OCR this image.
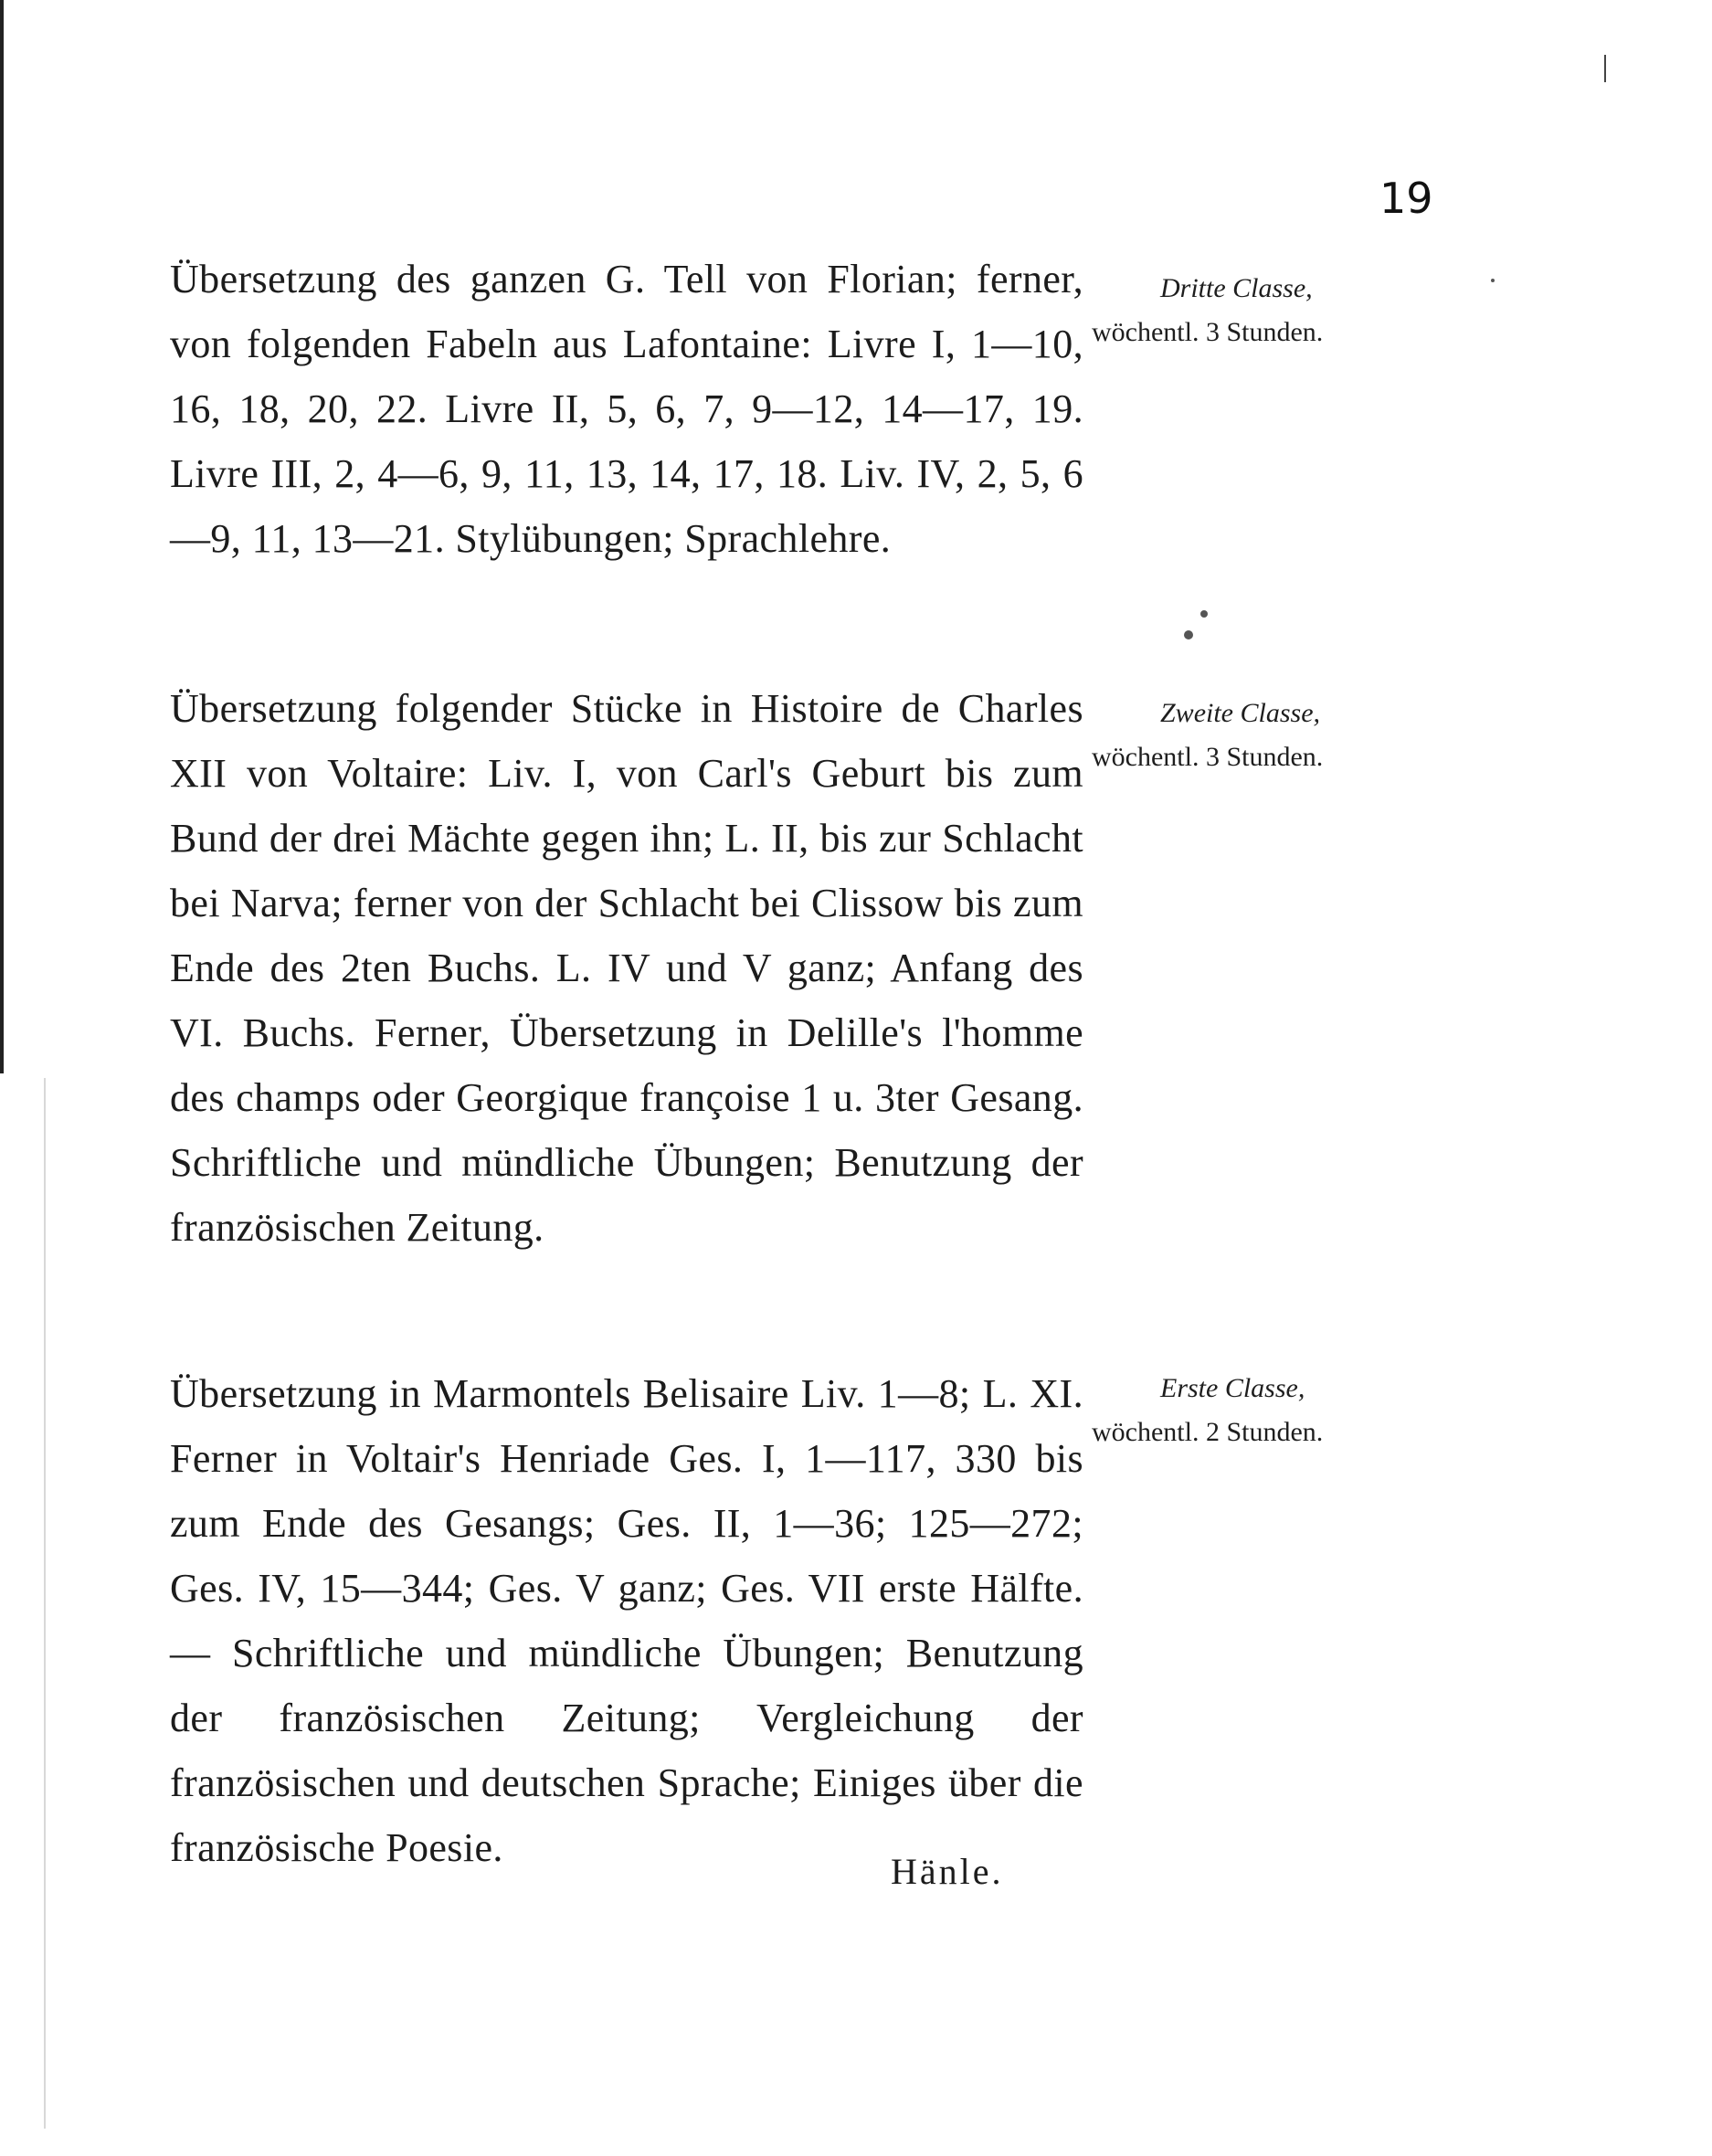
19

Übersetzung des ganzen G. Tell von Florian; ferner, von folgenden Fabeln aus Lafontaine: Livre I, 1—10, 16, 18, 20, 22. Livre II, 5, 6, 7, 9—12, 14—17, 19. Livre III, 2, 4—6, 9, 11, 13, 14, 17, 18. Liv. IV, 2, 5, 6—9, 11, 13—21. Stylübungen; Sprachlehre.

Dritte Classe,
wöchentl. 3 Stunden.

Übersetzung folgender Stücke in Histoire de Charles XII von Voltaire: Liv. I, von Carl's Geburt bis zum Bund der drei Mächte gegen ihn; L. II, bis zur Schlacht bei Narva; ferner von der Schlacht bei Clissow bis zum Ende des 2ten Buchs. L. IV und V ganz; Anfang des VI. Buchs. Ferner, Übersetzung in Delille's l'homme des champs oder Georgique françoise 1 u. 3ter Gesang. Schriftliche und mündliche Übungen; Benutzung der französischen Zeitung.

Zweite Classe,
wöchentl. 3 Stunden.

Übersetzung in Marmontels Belisaire Liv. 1—8; L. XI. Ferner in Voltair's Henriade Ges. I, 1—117, 330 bis zum Ende des Gesangs; Ges. II, 1—36; 125—272; Ges. IV, 15—344; Ges. V ganz; Ges. VII erste Hälfte. — Schriftliche und mündliche Übungen; Benutzung der französischen Zeitung; Vergleichung der französischen und deutschen Sprache; Einiges über die französische Poesie.

Erste Classe,
wöchentl. 2 Stunden.
Hänle.
